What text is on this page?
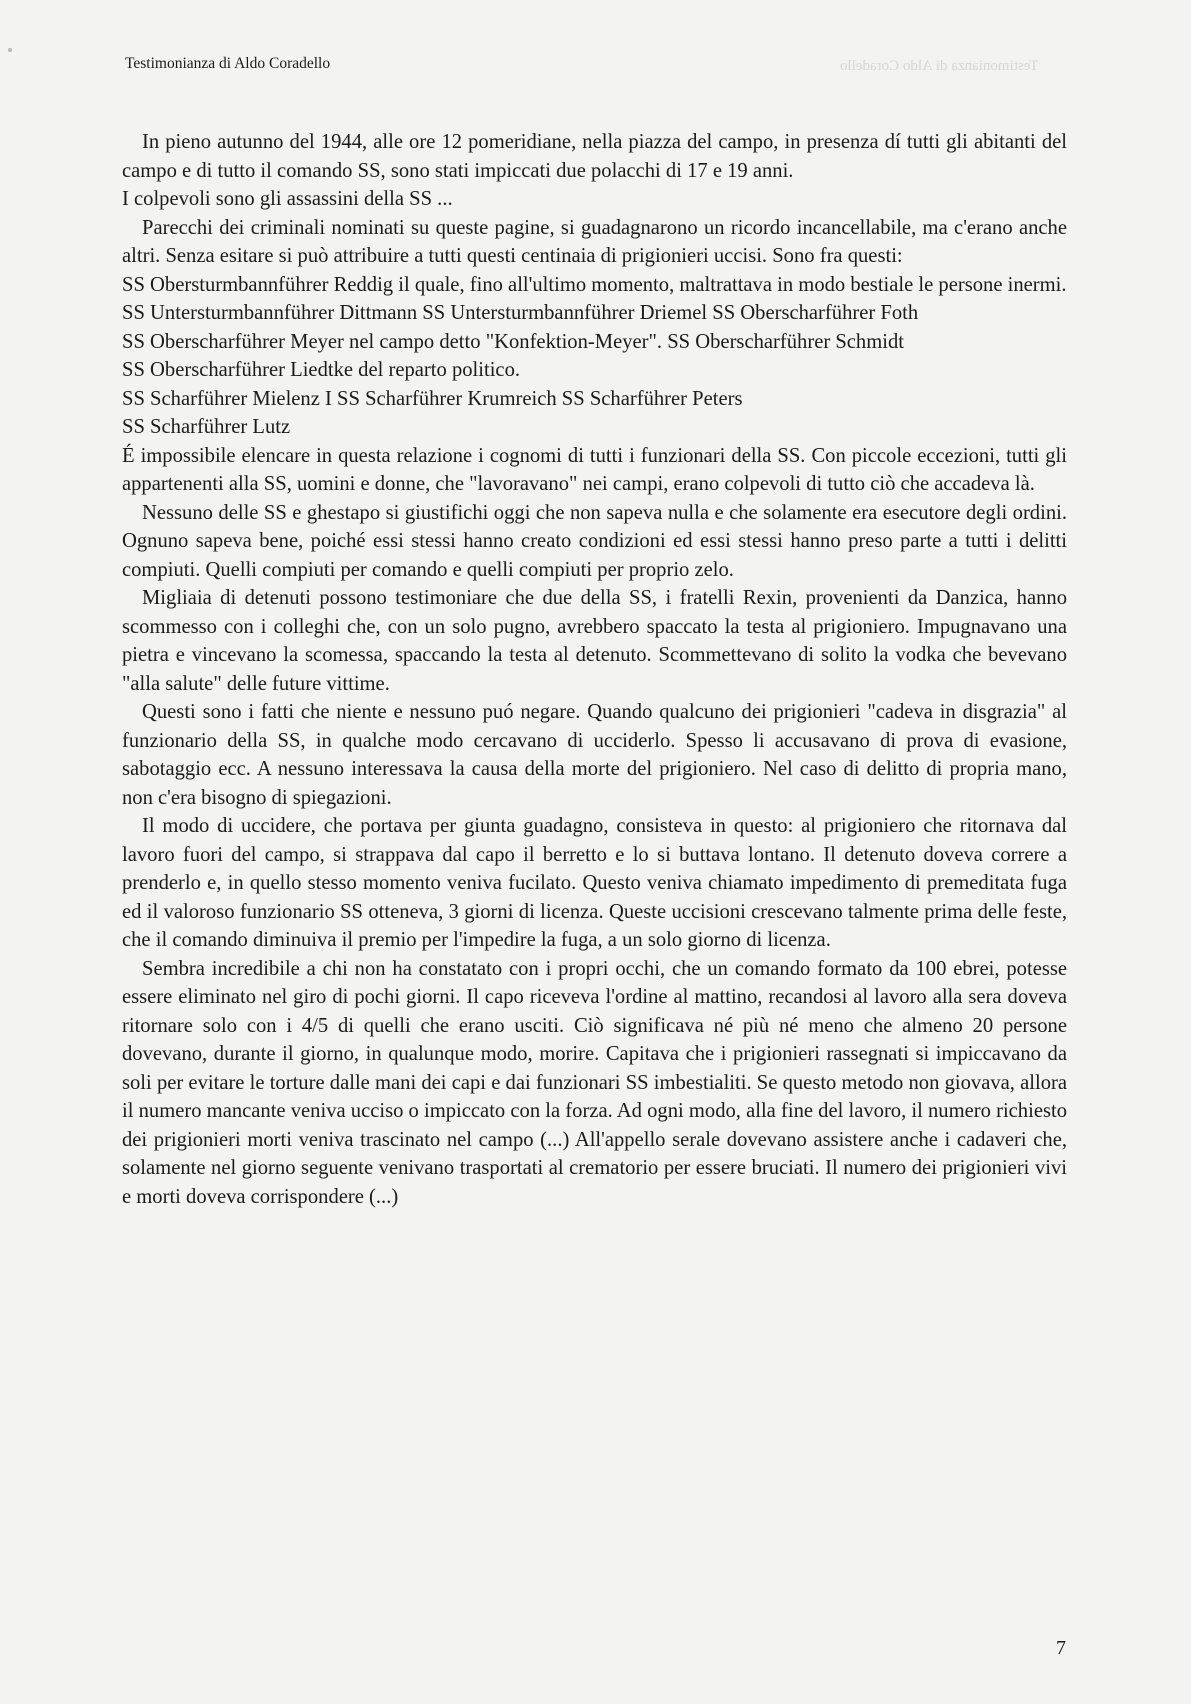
Testimonianza di Aldo Coradello	Testimonianza di Aldo Coradello

In pieno autunno del 1944, alle ore 12 pomeridiane, nella piazza del campo, in presenza dí tutti gli abitanti del campo e di tutto il comando SS, sono stati impiccati due polacchi di 17 e 19 anni.

I colpevoli sono gli assassini della SS ...

Parecchi dei criminali nominati su queste pagine, si guadagnarono un ricordo incancellabile, ma c'erano anche altri. Senza esitare si può attribuire a tutti questi centinaia di prigionieri uccisi. Sono fra questi:

SS Obersturmbannführer Reddig il quale, fino all'ultimo momento, maltrattava in modo bestiale le persone inermi.

SS Untersturmbannführer Dittmann SS Untersturmbannführer Driemel SS Oberscharführer Foth

SS Oberscharführer Meyer nel campo detto "Konfektion-Meyer". SS Oberscharführer Schmidt

SS Oberscharführer Liedtke del reparto politico.

SS Scharführer Mielenz I SS Scharführer Krumreich SS Scharführer Peters

SS Scharführer Lutz

É impossibile elencare in questa relazione i cognomi di tutti i funzionari della SS. Con piccole eccezioni, tutti gli appartenenti alla SS, uomini e donne, che "lavoravano" nei campi, erano colpevoli di tutto ciò che accadeva là.

Nessuno delle SS e ghestapo si giustifichi oggi che non sapeva nulla e che solamente era esecutore degli ordini. Ognuno sapeva bene, poiché essi stessi hanno creato condizioni ed essi stessi hanno preso parte a tutti i delitti compiuti. Quelli compiuti per comando e quelli compiuti per proprio zelo.

Migliaia di detenuti possono testimoniare che due della SS, i fratelli Rexin, provenienti da Danzica, hanno scommesso con i colleghi che, con un solo pugno, avrebbero spaccato la testa al prigioniero. Impugnavano una pietra e vincevano la scomessa, spaccando la testa al detenuto. Scommettevano di solito la vodka che bevevano "alla salute" delle future vittime.

Questi sono i fatti che niente e nessuno puó negare. Quando qualcuno dei prigionieri "cadeva in disgrazia" al funzionario della SS, in qualche modo cercavano di ucciderlo. Spesso li accusavano di prova di evasione, sabotaggio ecc. A nessuno interessava la causa della morte del prigioniero. Nel caso di delitto di propria mano, non c'era bisogno di spiegazioni.

Il modo di uccidere, che portava per giunta guadagno, consisteva in questo: al prigioniero che ritornava dal lavoro fuori del campo, si strappava dal capo il berretto e lo si buttava lontano. Il detenuto doveva correre a prenderlo e, in quello stesso momento veniva fucilato. Questo veniva chiamato impedimento di premeditata fuga ed il valoroso funzionario SS otteneva, 3 giorni di licenza. Queste uccisioni crescevano talmente prima delle feste, che il comando diminuiva il premio per l'impedire la fuga, a un solo giorno di licenza.

Sembra incredibile a chi non ha constatato con i propri occhi, che un comando formato da 100 ebrei, potesse essere eliminato nel giro di pochi giorni. Il capo riceveva l'ordine al mattino, recandosi al lavoro alla sera doveva ritornare solo con i 4/5 di quelli che erano usciti. Ciò significava né più né meno che almeno 20 persone dovevano, durante il giorno, in qualunque modo, morire. Capitava che i prigionieri rassegnati si impiccavano da soli per evitare le torture dalle mani dei capi e dai funzionari SS imbestialiti. Se questo metodo non giovava, allora il numero mancante veniva ucciso o impiccato con la forza. Ad ogni modo, alla fine del lavoro, il numero richiesto dei prigionieri morti veniva trascinato nel campo (...) All'appello serale dovevano assistere anche i cadaveri che, solamente nel giorno seguente venivano trasportati al crematorio per essere bruciati. Il numero dei prigionieri vivi e morti doveva corrispondere (...)

7
